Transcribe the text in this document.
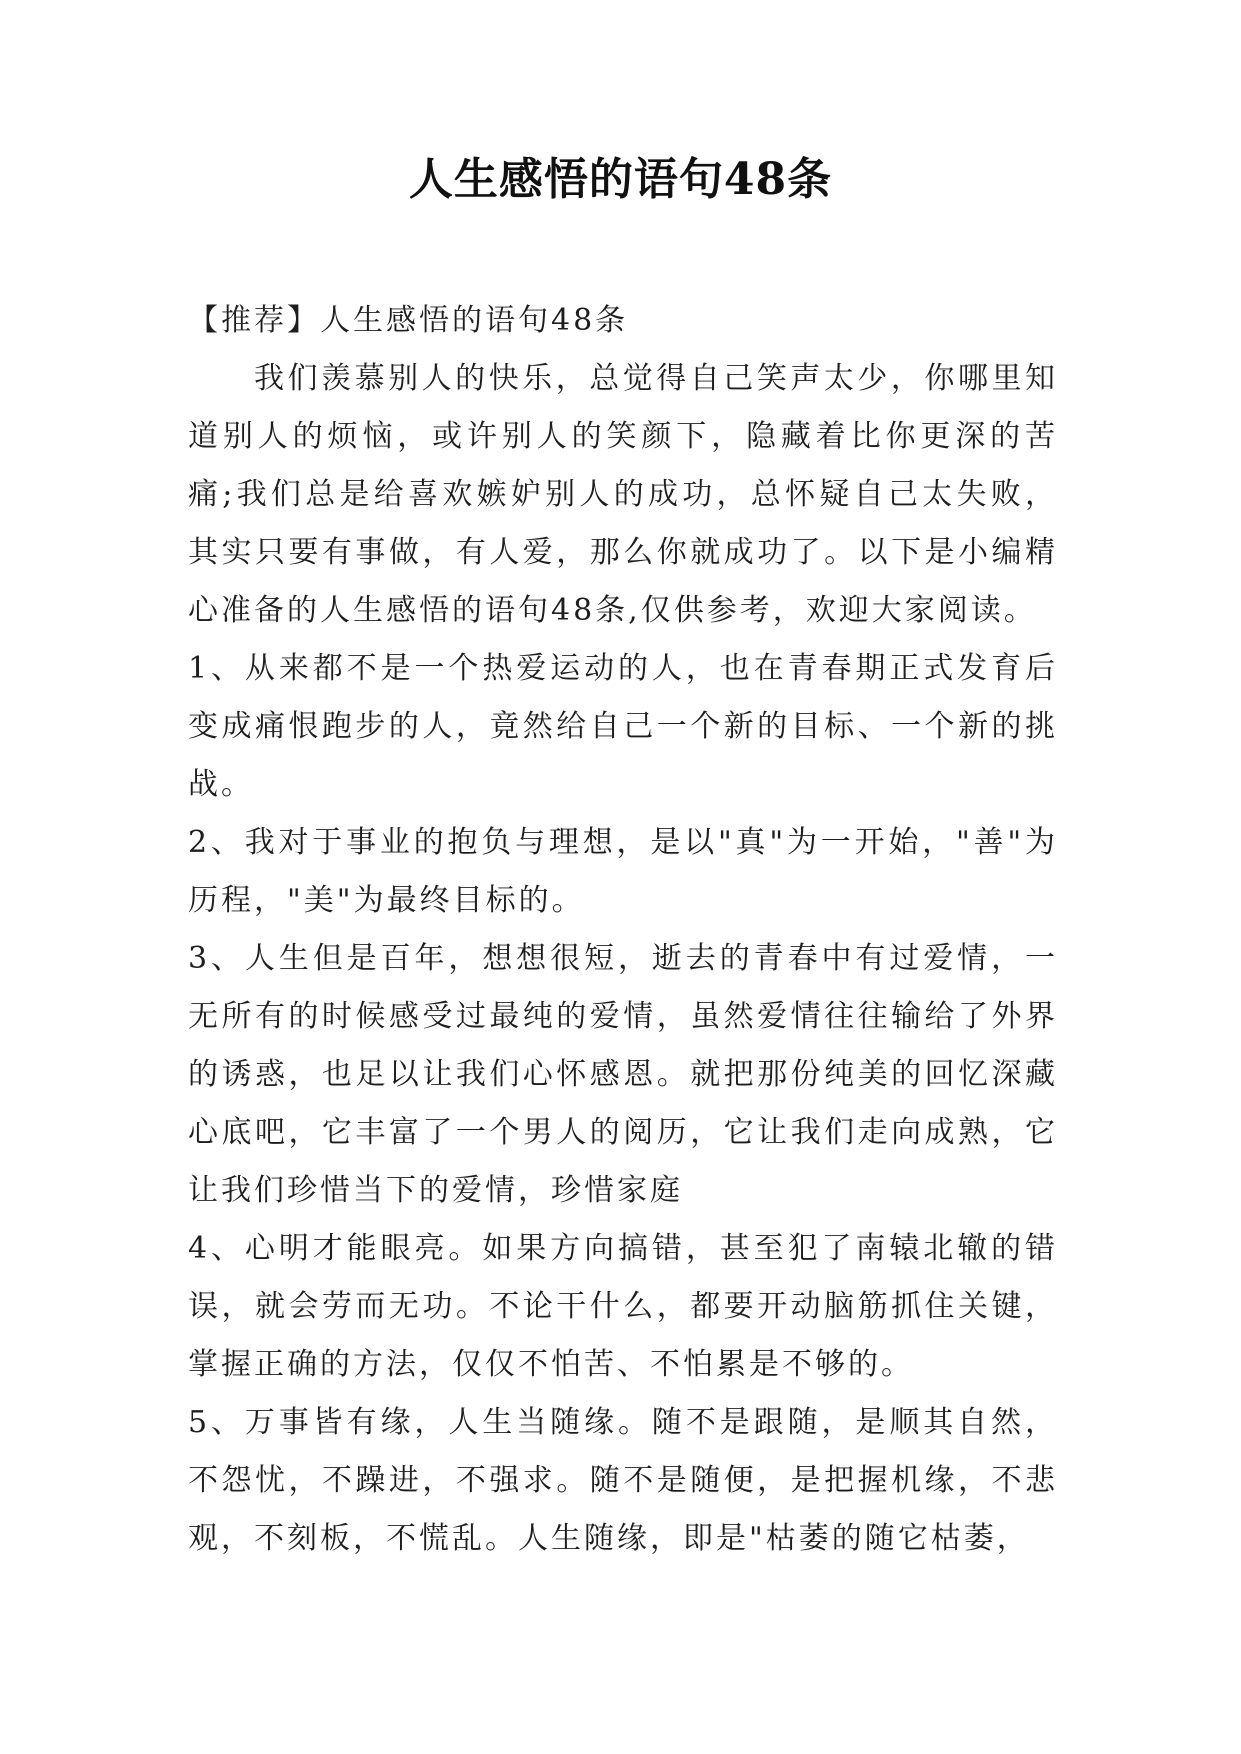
人生感悟的语句48条

【推荐】人生感悟的语句48条

我们羡慕别人的快乐，总觉得自己笑声太少，你哪里知道别人的烦恼，或许别人的笑颜下，隐藏着比你更深的苦痛;我们总是给喜欢嫉妒别人的成功，总怀疑自己太失败，其实只要有事做，有人爱，那么你就成功了。以下是小编精心准备的人生感悟的语句48条,仅供参考，欢迎大家阅读。

1、从来都不是一个热爱运动的人，也在青春期正式发育后变成痛恨跑步的人，竟然给自己一个新的目标、一个新的挑战。

2、我对于事业的抱负与理想，是以"真"为一开始，"善"为历程，"美"为最终目标的。

3、人生但是百年，想想很短，逝去的青春中有过爱情，一无所有的时候感受过最纯的爱情，虽然爱情往往输给了外界的诱惑，也足以让我们心怀感恩。就把那份纯美的回忆深藏心底吧，它丰富了一个男人的阅历，它让我们走向成熟，它让我们珍惜当下的爱情，珍惜家庭

4、心明才能眼亮。如果方向搞错，甚至犯了南辕北辙的错误，就会劳而无功。不论干什么，都要开动脑筋抓住关键，掌握正确的方法，仅仅不怕苦、不怕累是不够的。

5、万事皆有缘，人生当随缘。随不是跟随，是顺其自然，不怨忧，不躁进，不强求。随不是随便，是把握机缘，不悲观，不刻板，不慌乱。人生随缘，即是"枯萎的随它枯萎，
